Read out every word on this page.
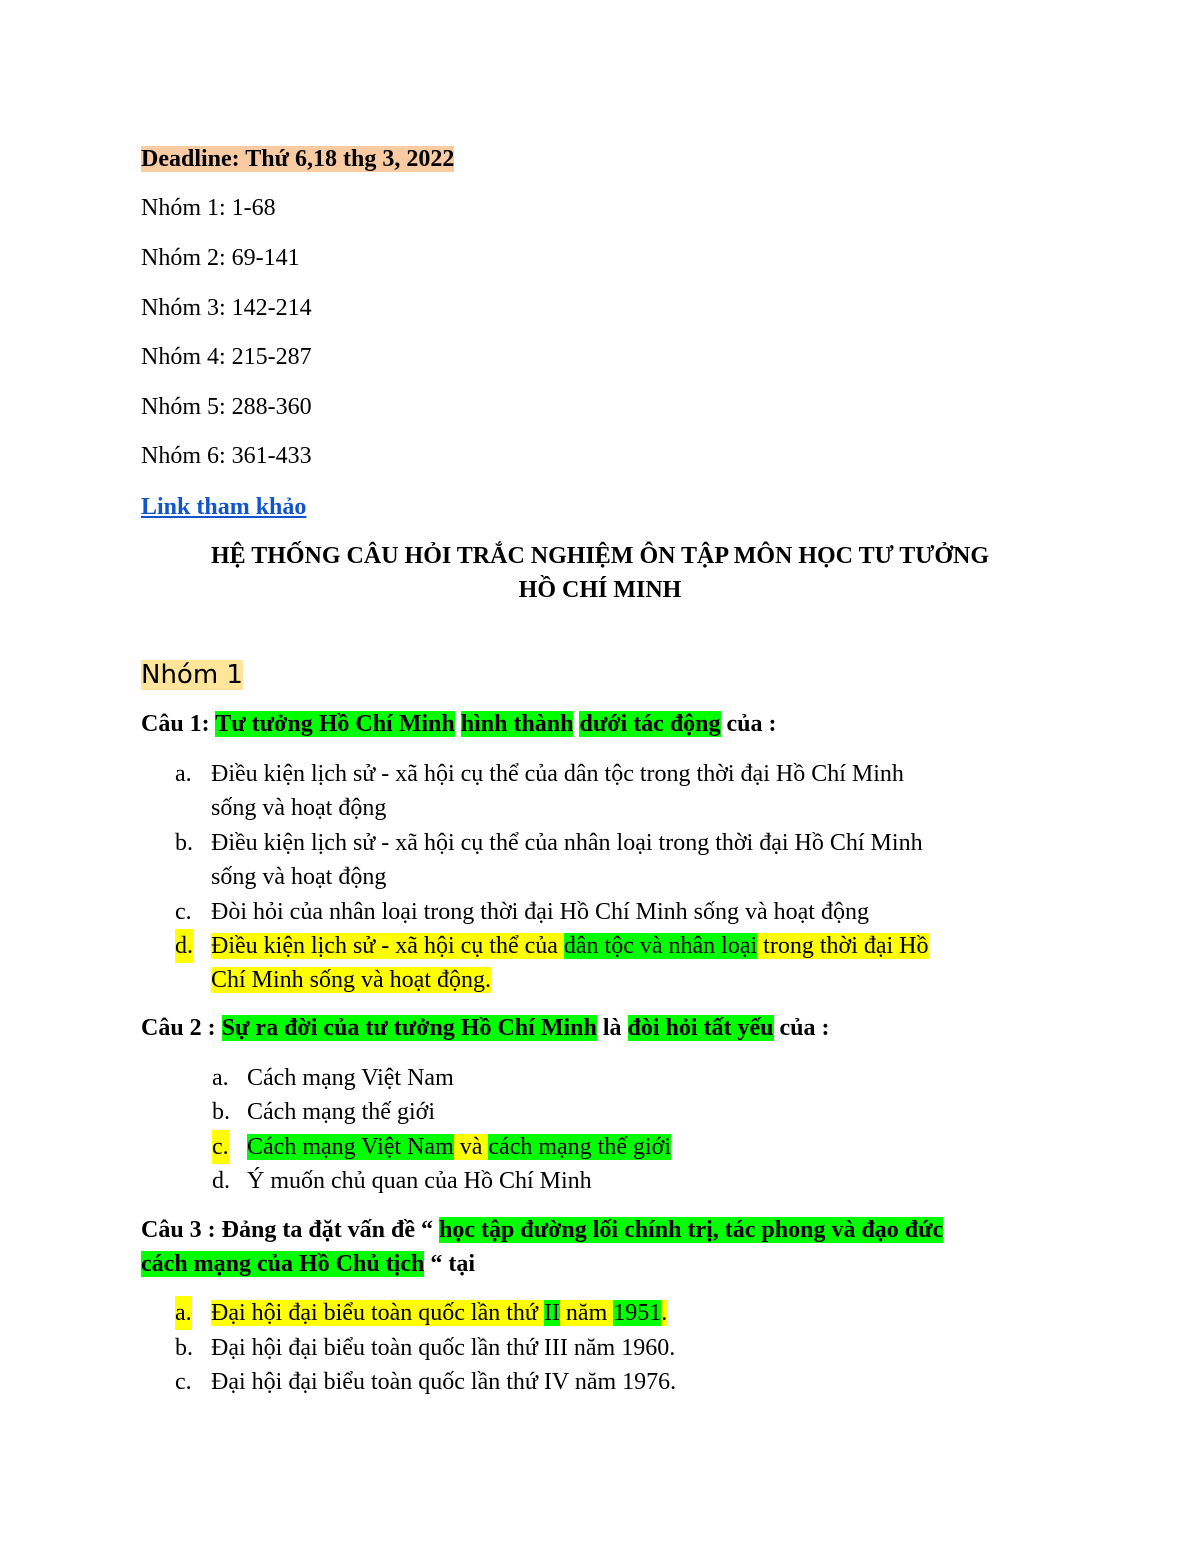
Deadline: Thứ 6,18 thg 3, 2022
Nhóm 1: 1-68
Nhóm 2: 69-141
Nhóm 3: 142-214
Nhóm 4: 215-287
Nhóm 5: 288-360
Nhóm 6: 361-433
Link tham khảo
HỆ THỐNG CÂU HỎI TRẮC NGHIỆM ÔN TẬP MÔN HỌC TƯ TƯỞNG
HỒ CHÍ MINH
Nhóm 1
Câu 1: Tư tưởng Hồ Chí Minh hình thành dưới tác động của :
a. Điều kiện lịch sử - xã hội cụ thể của dân tộc trong thời đại Hồ Chí Minh
sống và hoạt động
b. Điều kiện lịch sử - xã hội cụ thể của nhân loại trong thời đại Hồ Chí Minh
sống và hoạt động
c. Đòi hỏi của nhân loại trong thời đại Hồ Chí Minh sống và hoạt động
d. Điều kiện lịch sử - xã hội cụ thể của dân tộc và nhân loại trong thời đại Hồ
Chí Minh sống và hoạt động.
Câu 2 : Sự ra đời của tư tưởng Hồ Chí Minh là đòi hỏi tất yếu của :
a. Cách mạng Việt Nam
b. Cách mạng thế giới
c. Cách mạng Việt Nam và cách mạng thế giới
d. Ý muốn chủ quan của Hồ Chí Minh
Câu 3 : Đảng ta đặt vấn đề “ học tập đường lối chính trị, tác phong và đạo đức
cách mạng của Hồ Chủ tịch “ tại
a. Đại hội đại biểu toàn quốc lần thứ II năm 1951.
b. Đại hội đại biểu toàn quốc lần thứ III năm 1960.
c. Đại hội đại biểu toàn quốc lần thứ IV năm 1976.
